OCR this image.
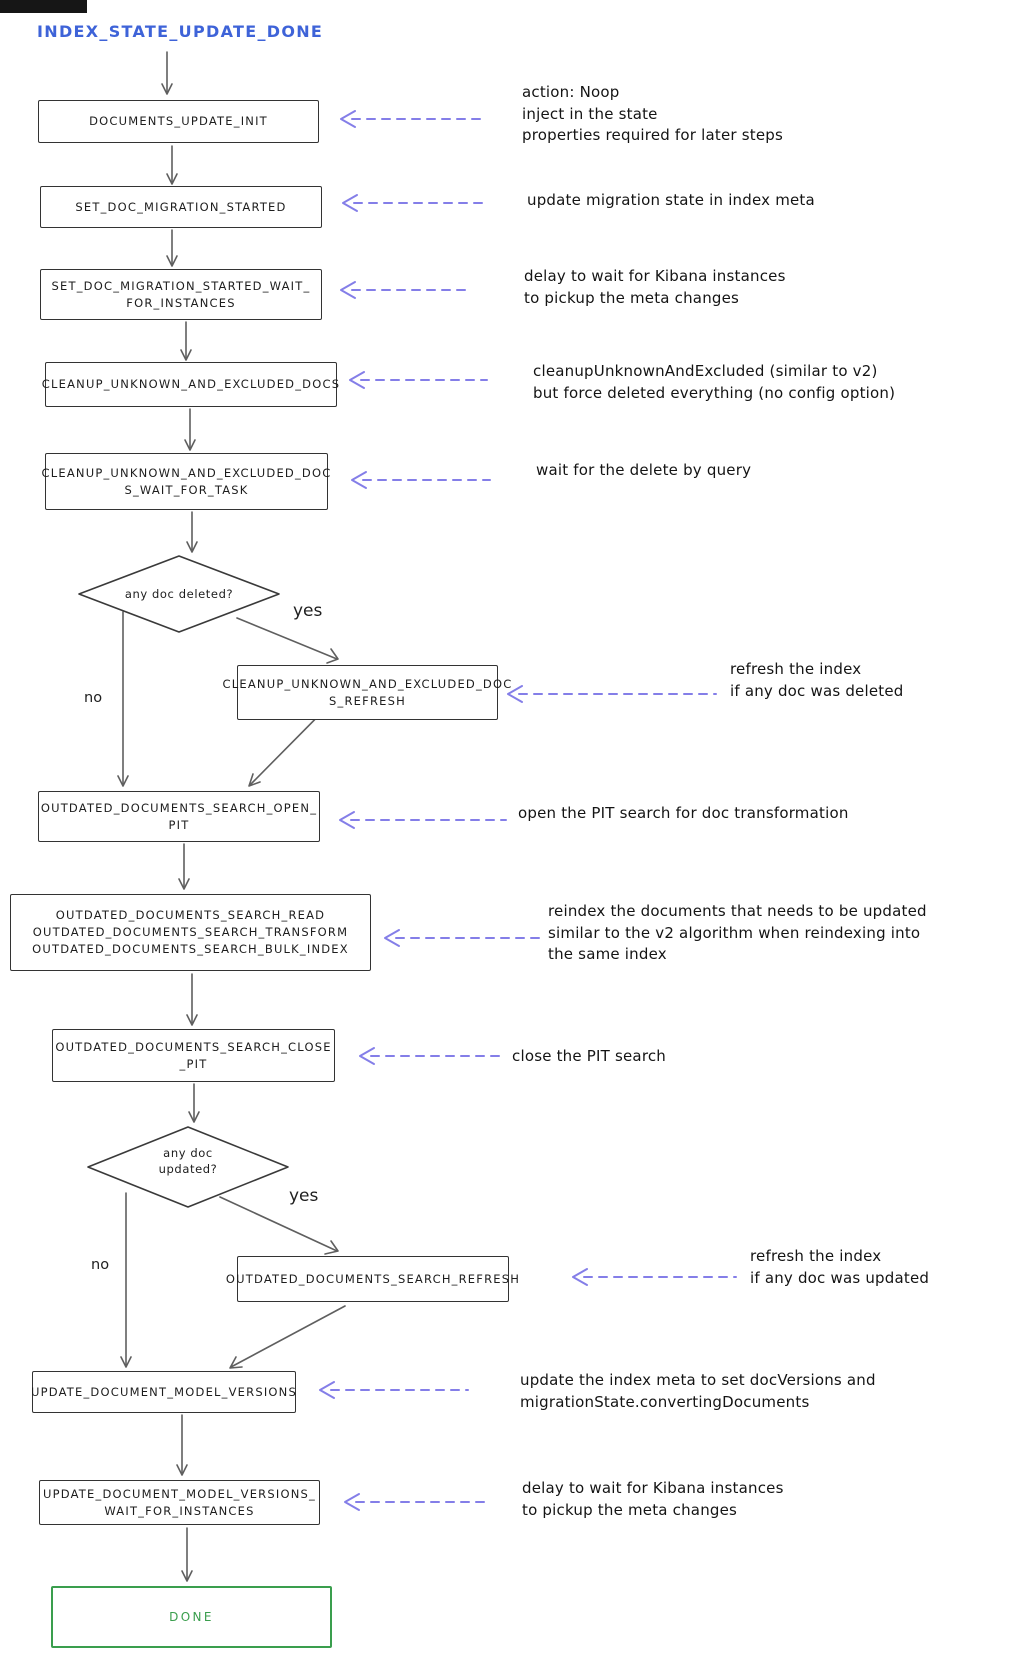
INDEX_STATE_UPDATE_DONE
DOCUMENTS_UPDATE_INIT
SET_DOC_MIGRATION_STARTED
SET_DOC_MIGRATION_STARTED_WAIT_
FOR_INSTANCES
CLEANUP_UNKNOWN_AND_EXCLUDED_DOCS
CLEANUP_UNKNOWN_AND_EXCLUDED_DOC
S_WAIT_FOR_TASK
CLEANUP_UNKNOWN_AND_EXCLUDED_DOC
S_REFRESH
OUTDATED_DOCUMENTS_SEARCH_OPEN_
PIT
OUTDATED_DOCUMENTS_SEARCH_READ
OUTDATED_DOCUMENTS_SEARCH_TRANSFORM
OUTDATED_DOCUMENTS_SEARCH_BULK_INDEX
OUTDATED_DOCUMENTS_SEARCH_CLOSE
_PIT
OUTDATED_DOCUMENTS_SEARCH_REFRESH
UPDATE_DOCUMENT_MODEL_VERSIONS
UPDATE_DOCUMENT_MODEL_VERSIONS_
WAIT_FOR_INSTANCES
DONE
any doc deleted?
any doc
updated?
yes
no
yes
no
action: Noop
inject in the state
properties required for later steps
update migration state in index meta
delay to wait for Kibana instances
to pickup the meta changes
cleanupUnknownAndExcluded (similar to v2)
but force deleted everything (no config option)
wait for the delete by query
refresh the index
if any doc was deleted
open the PIT search for doc transformation
reindex the documents that needs to be updated
similar to the v2 algorithm when reindexing into
the same index
close the PIT search
refresh the index
if any doc was updated
update the index meta to set docVersions and
migrationState.convertingDocuments
delay to wait for Kibana instances
to pickup the meta changes
